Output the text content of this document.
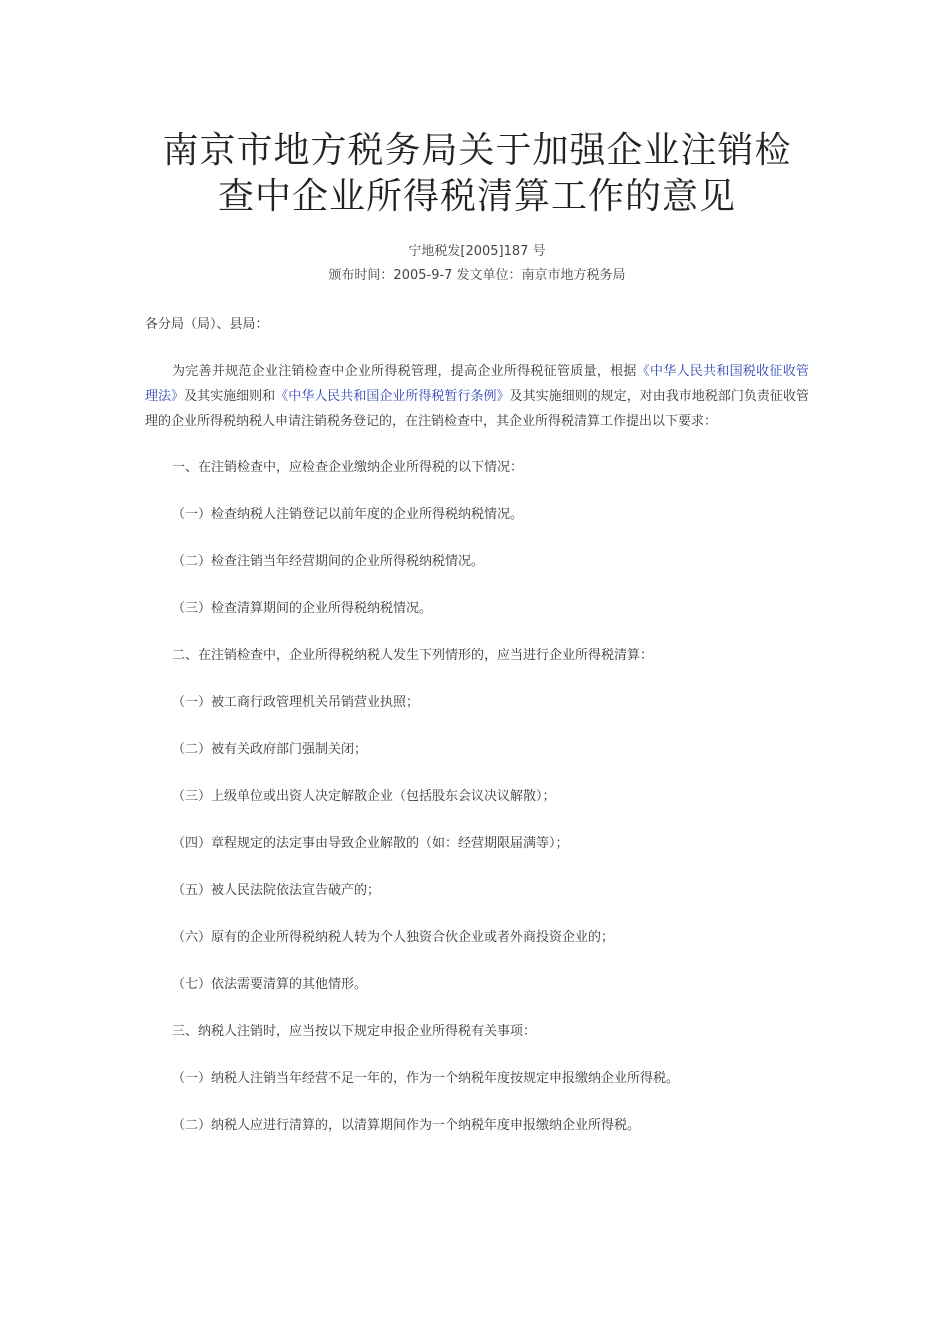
南京市地方税务局关于加强企业注销检
查中企业所得税清算工作的意见
宁地税发[2005]187 号
颁布时间：2005-9-7 发文单位：南京市地方税务局
各分局（局）、县局：
为完善并规范企业注销检查中企业所得税管理，提高企业所得税征管质量，根据《中华人民共和国税收征收管理法》及其实施细则和《中华人民共和国企业所得税暂行条例》及其实施细则的规定，对由我市地税部门负责征收管理的企业所得税纳税人申请注销税务登记的，在注销检查中，其企业所得税清算工作提出以下要求：
一、在注销检查中，应检查企业缴纳企业所得税的以下情况：
（一）检查纳税人注销登记以前年度的企业所得税纳税情况。
（二）检查注销当年经营期间的企业所得税纳税情况。
（三）检查清算期间的企业所得税纳税情况。
二、在注销检查中，企业所得税纳税人发生下列情形的，应当进行企业所得税清算：
（一）被工商行政管理机关吊销营业执照；
（二）被有关政府部门强制关闭；
（三）上级单位或出资人决定解散企业（包括股东会议决议解散）；
（四）章程规定的法定事由导致企业解散的（如：经营期限届满等）；
（五）被人民法院依法宣告破产的；
（六）原有的企业所得税纳税人转为个人独资合伙企业或者外商投资企业的；
（七）依法需要清算的其他情形。
三、纳税人注销时，应当按以下规定申报企业所得税有关事项：
（一）纳税人注销当年经营不足一年的，作为一个纳税年度按规定申报缴纳企业所得税。
（二）纳税人应进行清算的，以清算期间作为一个纳税年度申报缴纳企业所得税。
